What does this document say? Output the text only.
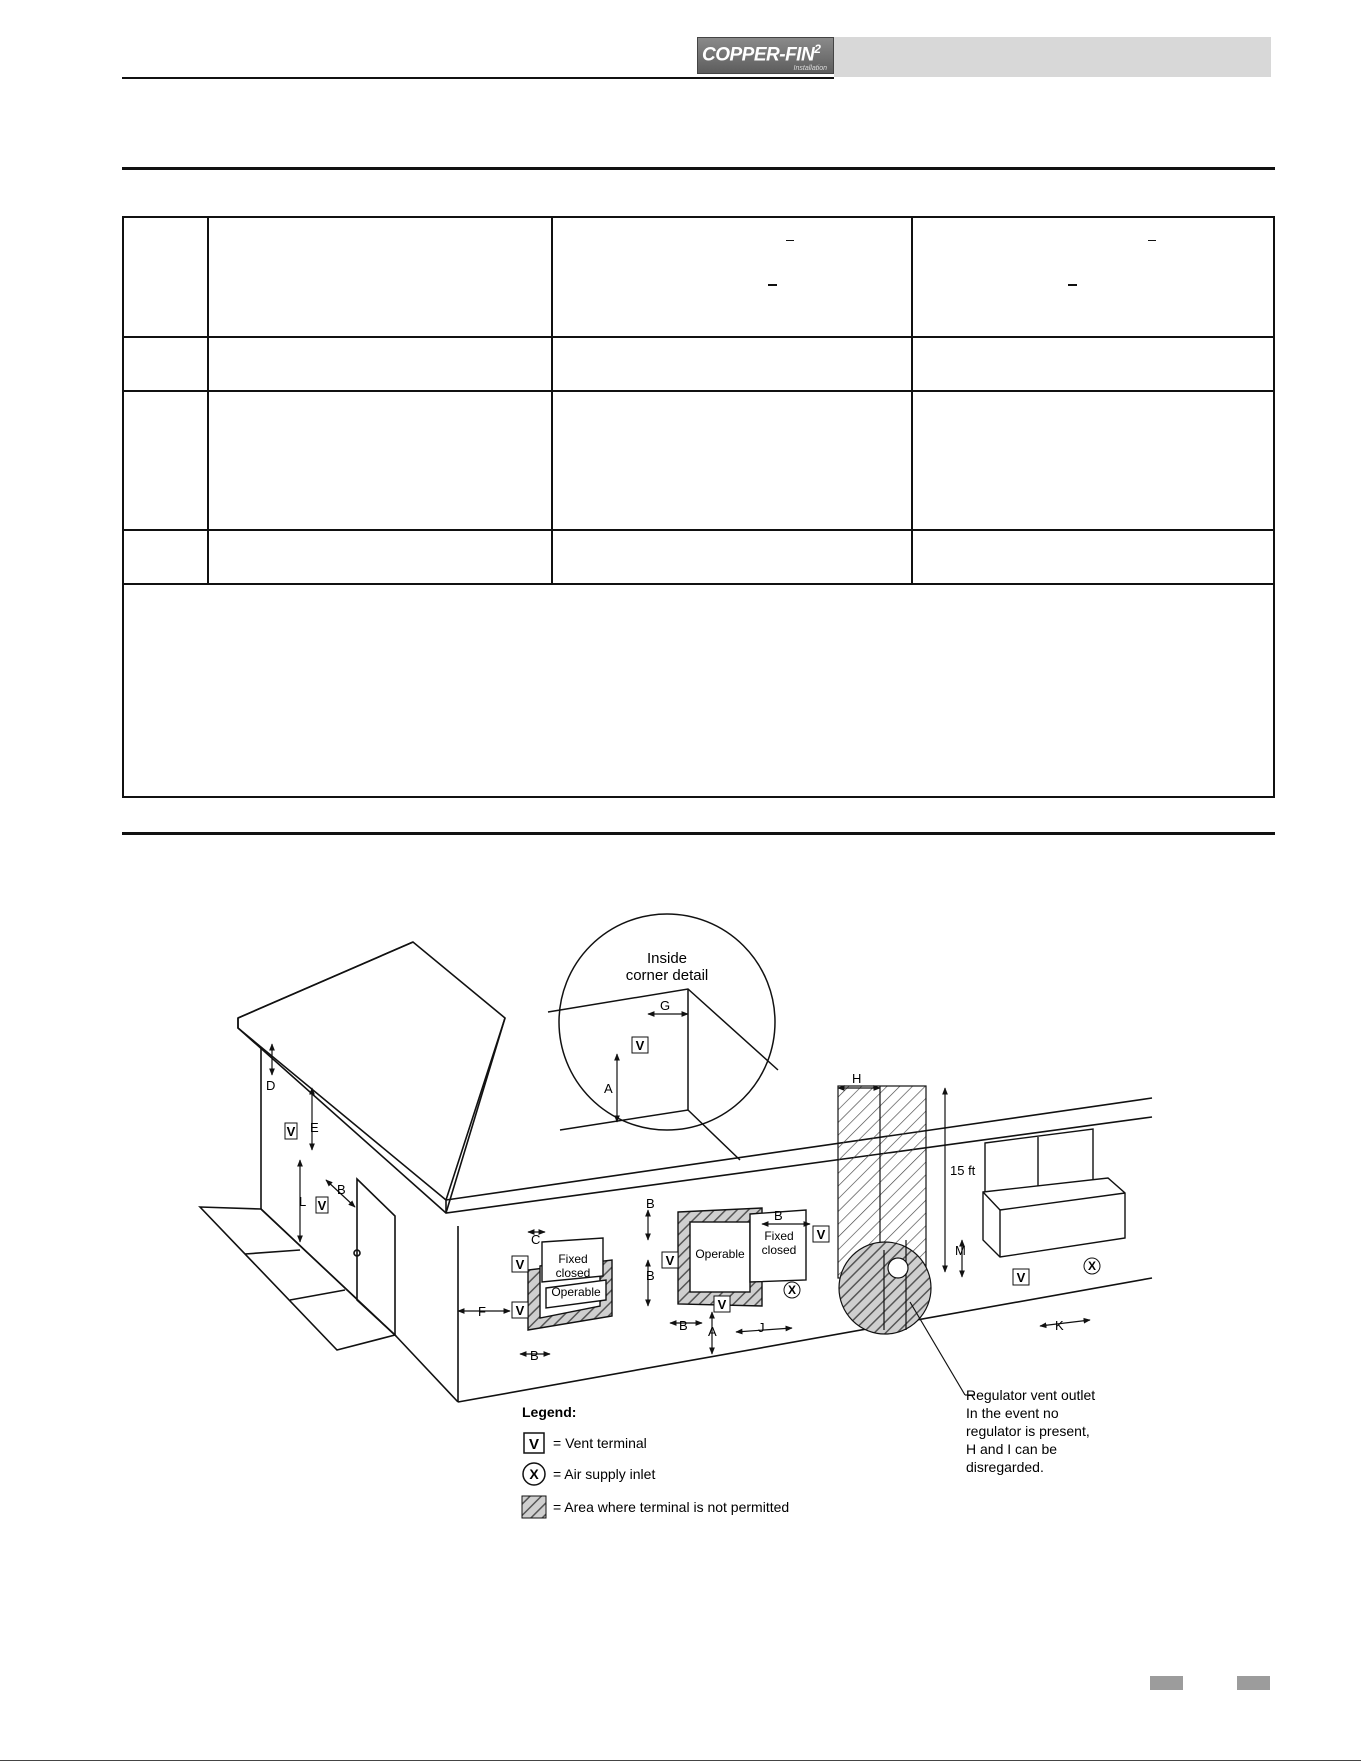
COPPER-FIN$^2$
Installation
Fixed
closed
Operable
Operable
Fixed
closed
Inside
corner detail
D
E
L
B
F
C
B
B
B
B A	J
B
H
M
K
A
G
15 ft
V
V
V
V
V
V
V
V
V
X
X
Regulator vent outlet
In the event no
regulator is present,
H and I can be
disregarded.
Legend:
V = Vent terminal
X = Air supply inlet
= Area where terminal is not permitted
